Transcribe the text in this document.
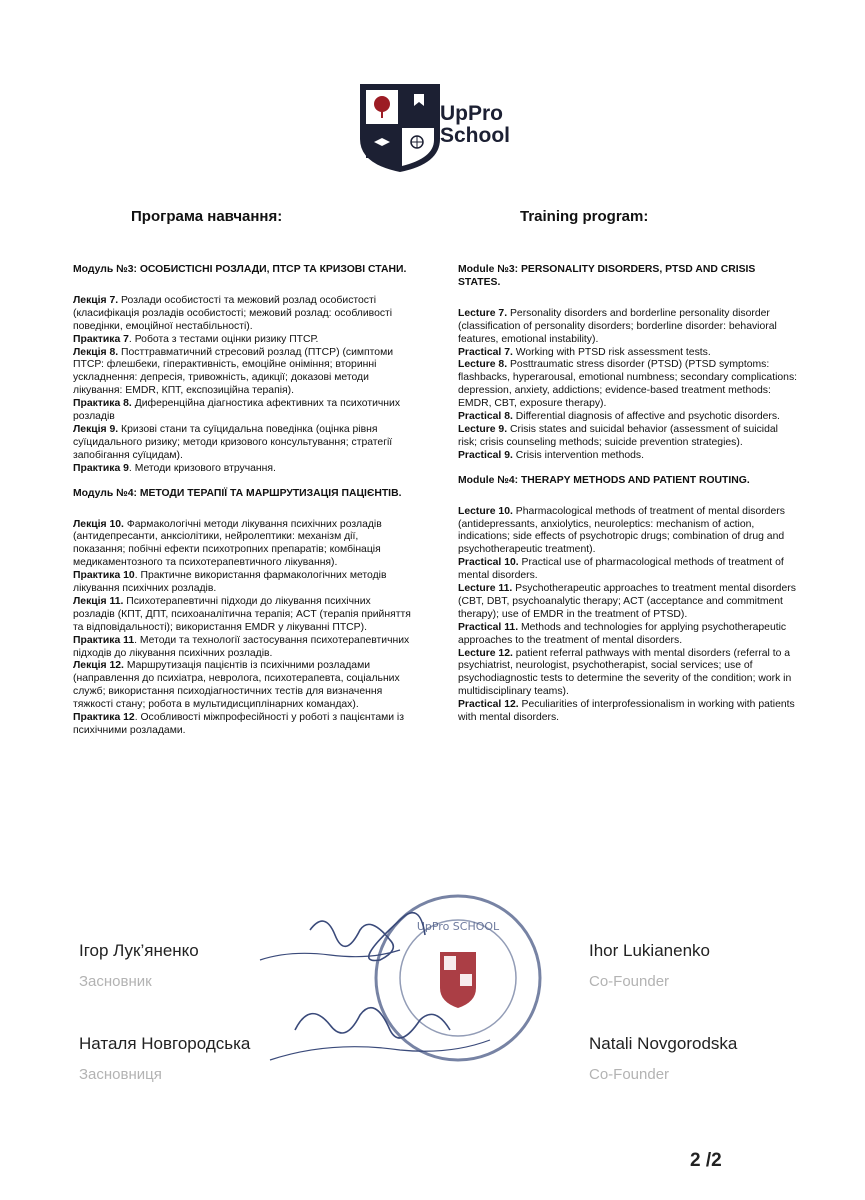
UpPro
School
Програма навчання:	Training program:

Модуль №3: ОСОБИСТІСНІ РОЗЛАДИ, ПТСР ТА КРИЗОВІ СТАНИ.

Лекція 7. Розлади особистості та межовий розлад особистості (класифікація розладів особистості; межовий розлад: особливості поведінки, емоційної нестабільності).

Практика 7. Робота з тестами оцінки ризику ПТСР.

Лекція 8. Посттравматичний стресовий розлад (ПТСР) (симптоми ПТСР: флешбеки, гіперактивність, емоційне оніміння; вторинні ускладнення: депресія, тривожність, адикції; доказові методи лікування: EMDR, КПТ, експозиційна терапія).

Практика 8. Диференційна діагностика афективних та психотичних розладів

Лекція 9. Кризові стани та суїцидальна поведінка (оцінка рівня суїцидального ризику; методи кризового консультування; стратегії запобігання суїцидам).

Практика 9. Методи кризового втручання.

Модуль №4: МЕТОДИ ТЕРАПІЇ ТА МАРШРУТИЗАЦІЯ ПАЦІЄНТІВ.

Лекція 10. Фармакологічні методи лікування психічних розладів (антидепресанти, анксіолітики, нейролептики: механізм дії, показання; побічні ефекти психотропних препаратів; комбінація медикаментозного та психотерапевтичного лікування).

Практика 10. Практичне використання фармакологічних методів лікування психічних розладів.

Лекція 11. Психотерапевтичні підходи до лікування психічних розладів (КПТ, ДПТ, психоаналітична терапія; ACT (терапія прийняття та відповідальності); використання EMDR у лікуванні ПТСР).

Практика 11. Методи та технології застосування психотерапевтичних підходів до лікування психічних розладів.

Лекція 12. Маршрутизація пацієнтів із психічними розладами (направлення до психіатра, невролога, психотерапевта, соціальних служб; використання психодіагностичних тестів для визначення тяжкості стану; робота в мультидисциплінарних командах).

Практика 12. Особливості міжпрофесійності у роботі з пацієнтами із психічними розладами.

Module №3: PERSONALITY DISORDERS, PTSD AND CRISIS STATES.

Lecture 7. Personality disorders and borderline personality disorder (classification of personality disorders; borderline disorder: behavioral features, emotional instability).

Practical 7. Working with PTSD risk assessment tests.

Lecture 8. Posttraumatic stress disorder (PTSD) (PTSD symptoms: flashbacks, hyperarousal, emotional numbness; secondary complications: depression, anxiety, addictions; evidence-based treatment methods: EMDR, CBT, exposure therapy).

Practical 8. Differential diagnosis of affective and psychotic disorders.

Lecture 9. Crisis states and suicidal behavior (assessment of suicidal risk; crisis counseling methods; suicide prevention strategies).

Practical 9. Crisis intervention methods.

Module №4: THERAPY METHODS AND PATIENT ROUTING.

Lecture 10. Pharmacological methods of treatment of mental disorders (antidepressants, anxiolytics, neuroleptics: mechanism of action, indications; side effects of psychotropic drugs; combination of drug and psychotherapeutic treatment).

Practical 10. Practical use of pharmacological methods of treatment of mental disorders.

Lecture 11. Psychotherapeutic approaches to treatment mental disorders (CBT, DBT, psychoanalytic therapy; ACT (acceptance and commitment therapy); use of EMDR in the treatment of PTSD).

Practical 11. Methods and technologies for applying psychotherapeutic approaches to the treatment of mental disorders.

Lecture 12. patient referral pathways with mental disorders (referral to a psychiatrist, neurologist, psychotherapist, social services; use of psychodiagnostic tests to determine the severity of the condition; work in multidisciplinary teams).

Practical 12. Peculiarities of interprofessionalism in working with patients with mental disorders.

UpPro SCHOOL
Ігор Лук’яненко
Засновник
Наталя Новгородська
Засновниця
Ihor Lukianenko
Co-Founder
Natali Novgorodska
Co-Founder
2 /2
